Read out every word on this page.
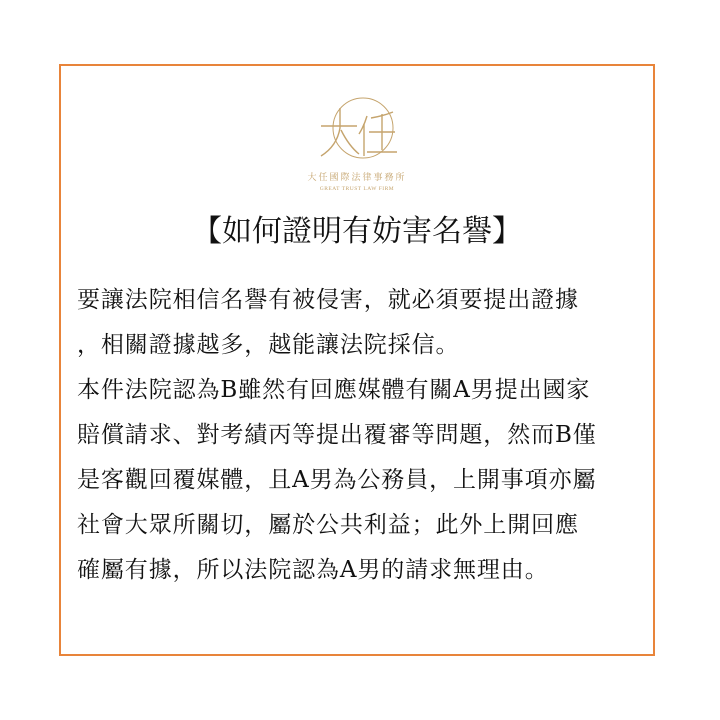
大任國際法律事務所
GREAT TRUST LAW FIRM
【如何證明有妨害名譽】
要讓法院相信名譽有被侵害，就必須要提出證據
，相關證據越多，越能讓法院採信。
本件法院認為B雖然有回應媒體有關A男提出國家
賠償請求、對考績丙等提出覆審等問題，然而B僅
是客觀回覆媒體，且A男為公務員，上開事項亦屬
社會大眾所關切，屬於公共利益；此外上開回應
確屬有據，所以法院認為A男的請求無理由。
